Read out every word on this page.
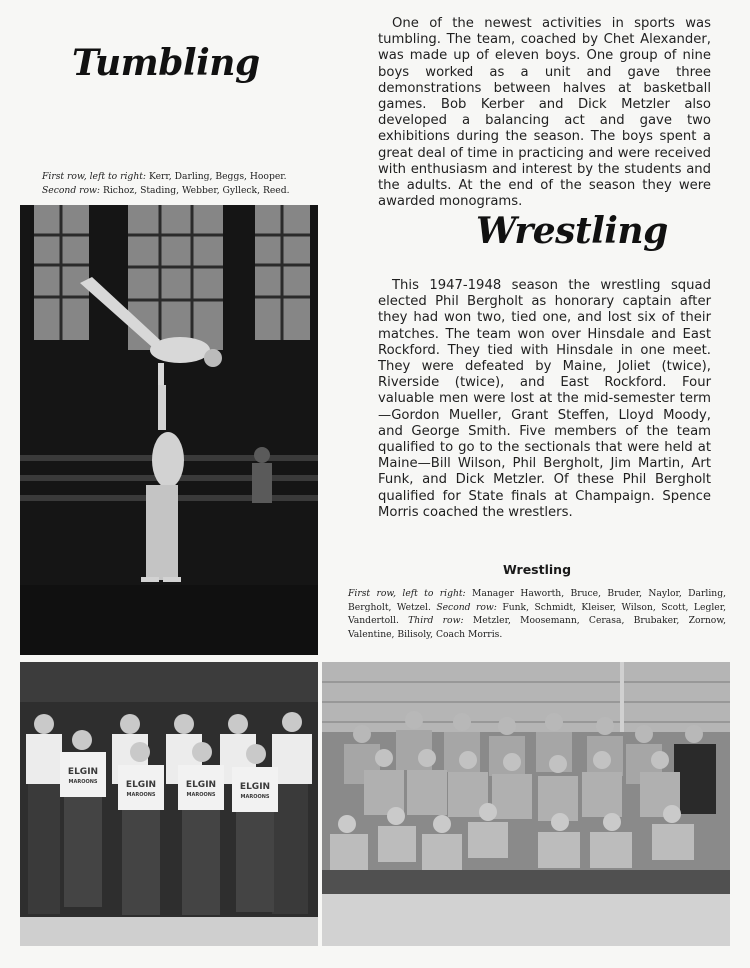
Tumbling

One of the newest activities in sports was tumbling. The team, coached by Chet Alexander, was made up of eleven boys. One group of nine boys worked as a unit and gave three demonstrations between halves at basketball games. Bob Kerber and Dick Metzler also developed a balancing act and gave two exhibitions during the season. The boys spent a great deal of time in practicing and were received with enthusiasm and interest by the students and the adults. At the end of the season they were awarded monograms.

First row, left to right: Kerr, Darling, Beggs, Hooper.
Second row: Richoz, Stading, Webber, Gylleck, Reed.

Wrestling

This 1947-1948 season the wrestling squad elected Phil Bergholt as honorary captain after they had won two, tied one, and lost six of their matches. The team won over Hinsdale and East Rockford. They tied with Hinsdale in one meet. They were defeated by Maine, Joliet (twice), Riverside (twice), and East Rockford. Four valuable men were lost at the mid-semester term—Gordon Mueller, Grant Steffen, Lloyd Moody, and George Smith. Five members of the team qualified to go to the sectionals that were held at Maine—Bill Wilson, Phil Bergholt, Jim Martin, Art Funk, and Dick Metzler. Of these Phil Bergholt qualified for State finals at Champaign. Spence Morris coached the wrestlers.

Wrestling

First row, left to right: Manager Haworth, Bruce, Bruder, Naylor, Darling, Bergholt, Wetzel. Second row: Funk, Schmidt, Kleiser, Wilson, Scott, Legler, Vandertoll. Third row: Metzler, Moosemann, Cerasa, Brubaker, Zornow, Valentine, Bilisoly, Coach Morris.

ELGIN
ELGIN	ELGIN	ELGIN
MAROONS
MAROONS	MAROONS	MAROONS
